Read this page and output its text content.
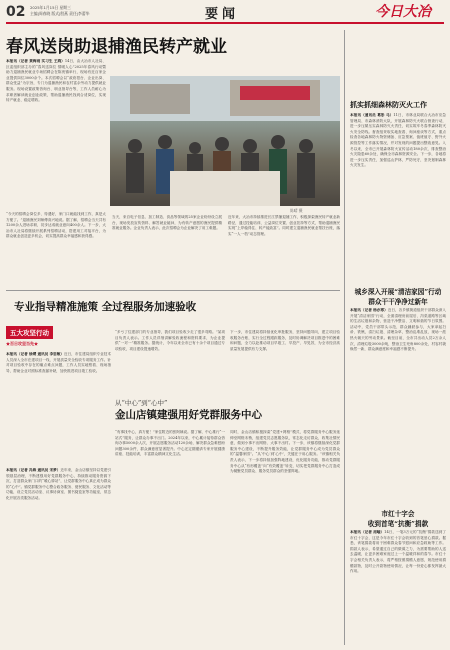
02 2025年1月15日 星期三
主编|周春晓 版式|殷燕 责任|李蕾华	要闻	今日大冶
春风送岗助退捕渔民转产就业
本报讯（记者 黄梅雨 实习生 王鸿）14日，由大冶市人社局、区委组织部主办的“春风送岗位 情暖人心”2025年春风行动暨助力退捕渔民就业专场招聘会在陈贵镇举行，现场有近百家企业提供岗位3000余个。本次招聘会以“政府搭台、企业出岗、群众受益”为宗旨，专门为退捕渔民和农村富余劳动力提供就业服务。现场设置政策咨询台、职业指导台等，工作人员耐心为求职者解读就业创业政策，帮助退捕渔民找到合适岗位，实现转产就业、稳定增收。
陈晴 摄
“今天的招聘会岗位多、待遇好，家门口就能找到工作，真是太方便了。”退捕渔民刘师傅高兴地说。据了解，招聘会当天共有1200余人进场求职，初步达成就业意向400余人。下一步，大冶市人社局将继续开展系列招聘活动，搭建用工对接平台，为群众就业创造更多机会，切实提高群众幸福感和获得感。
当天，来自电子信息、加工制造、食品等领域的25家企业纷纷设立展台，现场发放宣传资料、解答就业疑问，为有转产意愿的渔民提供精准就业服务。企业负责人表示，此次招聘会为企业解决了用工难题。
近年来，大冶市持续推进长江禁捕退捕工作，积极探索渔民转产就业新路径，通过技能培训、公益岗位安置、创业扶持等方式，帮助退捕渔民实现“上岸稳得住、转产能致富”。同时建立退捕渔民就业帮扶台账，落实“一人一档”动态管理。
抓实抓细森林防灭火工作
本报讯（通讯员 葛彤 马）11日，市林业局联合大冶市应急管理局、市森林消防大队，开展森林防灭火联合督查行动，进一步压紧压实森林防灭火责任，切实筑牢冬春季森林防灭火安全防线。督查组采取实地查看、询问座谈等方式，重点检查各地森林防火物资储备、应急预案、值班值守、野外火源管控等工作落实情况，并对发现的问题提出整改意见。入冬以来，全市已开展森林防火宣传活动180余次，排查整治火灾隐患60余处，确保全市森林资源安全。下一步，各地将进一步压实责任，加强巡山护林，严防死守，坚决遏制森林火灾发生。
城乡深入开展“清洁家园”行动
群众干干净净过新年
本报讯（记者 杨亦寒）近日，各乡镇街道组织干部群众深入开展“清洁家园”行动，全面清理房前屋后、沟渠道路等区域的生活垃圾和杂物，营造干净整洁、文明和谐的节日氛围。活动中，党员干部带头示范，群众踊跃参与，大家拿起扫帚、铁锹，清扫垃圾、清理杂草，整治乱堆乱放，现场一派热火朝天的劳动景象。截至目前，全市共出动人员2万余人次，清理垃圾3000余吨，整治卫生死角800余处，村容村貌焕然一新，群众满意度和幸福感不断提升。
市红十字会
收到首笔“抗衡”捐款
本报讯（记者 周喻）14日，一笔3万元的“抗衡”捐款送到了市红十字会，这是今年市红十字会收到的首笔爱心捐款。据悉，该笔捐款将用于困难群众春节慰问和应急救助等工作。捐款人表示，希望通过自己的微薄之力，为需要帮助的人送去温暖，让更多困难家庭过上一个温暖祥和的春节。市红十字会相关负责人表示，将严格按照捐赠人意愿，规范使用捐赠款物，及时公开款物使用情况，让每一份爱心都发挥最大作用。
专业指导精准施策 全过程服务加速验收
五大攻坚行动
★百日攻坚当先★
本报讯（记者 徐璞 通讯员 李思敏）近日，市住建局组织专业技术人员深入全市在建项目一线，开展质量安全验收专项服务工作。针对项目验收中存在的痛点难点问题，工作人员实地察看、现场指导，帮助企业对照标准查漏补缺，加快推进项目竣工验收。
“多亏了住建部门的专业指导，我们项目验收少走了很多弯路。”某项目负责人表示。工作人员详细讲解验收流程和资料要求，为企业提供“一对一”精准服务。据统计，今年以来全市已有十余个项目通过专项验收，项目建设提速增效。
下一步，市住建局将持续优化审批服务，坚持问题导向，建立项目验收服务台账，实行全过程跟踪服务，及时协调解决项目推进中的困难和问题，全力以赴推动项目早竣工、早投产、早见效，为全市经济高质量发展提供有力支撑。
从“中心”到“心中”
金山店镇建强用好党群服务中心
本报讯（记者 冯姝 通讯员 宋梦）近年来，金山店镇坚持以党建引领基层治理，不断建强用好党群服务中心，持续推动服务资源下沉，打造群众家门口的“暖心驿站”，让党群服务中心真正成为群众的“心中”。镇党群服务中心整合政务服务、便民服务、文化活动等功能，设立党员活动室、议事协商室、图书阅览室等功能室，常态化开展各类服务活动。
“有事找中心，真方便！”家住附近的张阿姨说。据了解，中心推行“一站式”服务，让群众办事不出门。2024年以来，中心累计接待群众咨询办事5000余人次，开展志愿服务活动120余场，解决群众急难愁盼问题300余件，群众满意度显著提升。中心还定期邀请专家开展健康讲座、技能培训，丰富群众精神文化生活。
同时，金山店镇积极探索“党建+网格”模式，将党群服务中心服务延伸至网格末梢，组建党员志愿服务队，常态化走访群众，收集社情民意，做到小事不出网格、大事不出村。下一步，该镇将继续深化党群服务中心建设，不断提升服务效能，让党群服务中心成为党员群众的“温馨家园”。“从‘中心’到‘心中’，关键在于用心服务。”该镇相关负责人表示，下一步将持续加强阵地建设，优化服务功能，推动党群服务中心从“有形覆盖”向“有效覆盖”转变，切实把党群服务中心打造成为凝聚党员群众、服务党员群众的坚强阵地。
